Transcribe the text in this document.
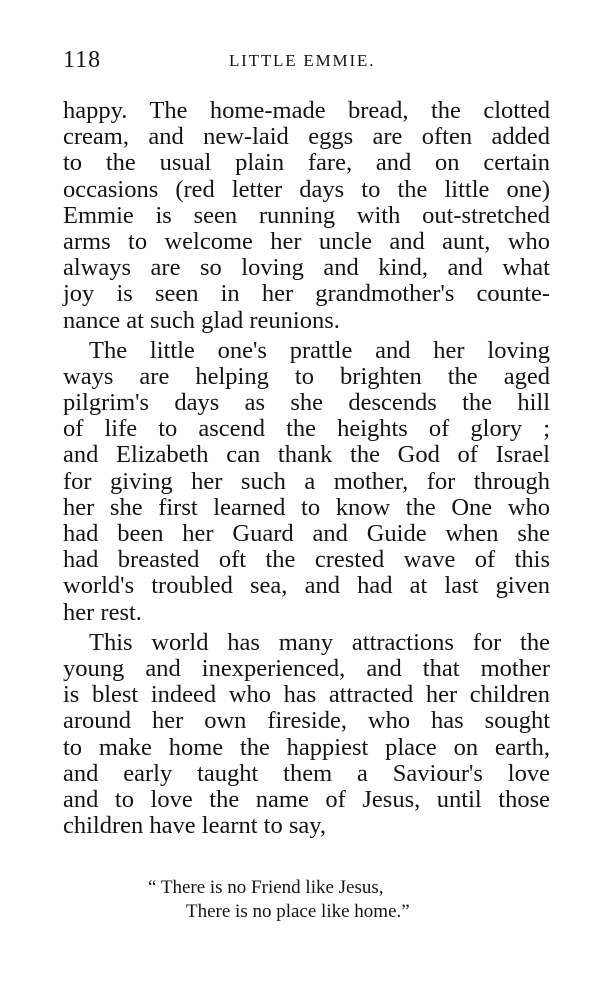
118	LITTLE EMMIE.
happy. The home-made bread, the clotted
cream, and new-laid eggs are often added
to the usual plain fare, and on certain
occasions (red letter days to the little one)
Emmie is seen running with out-stretched
arms to welcome her uncle and aunt, who
always are so loving and kind, and what
joy is seen in her grandmother's counte-
nance at such glad reunions.
The little one's prattle and her loving
ways are helping to brighten the aged
pilgrim's days as she descends the hill
of life to ascend the heights of glory ;
and Elizabeth can thank the God of Israel
for giving her such a mother, for through
her she first learned to know the One who
had been her Guard and Guide when she
had breasted oft the crested wave of this
world's troubled sea, and had at last given
her rest.
This world has many attractions for the
young and inexperienced, and that mother
is blest indeed who has attracted her children
around her own fireside, who has sought
to make home the happiest place on earth,
and early taught them a Saviour's love
and to love the name of Jesus, until those
children have learnt to say,
“ There is no Friend like Jesus,
There is no place like home.”
